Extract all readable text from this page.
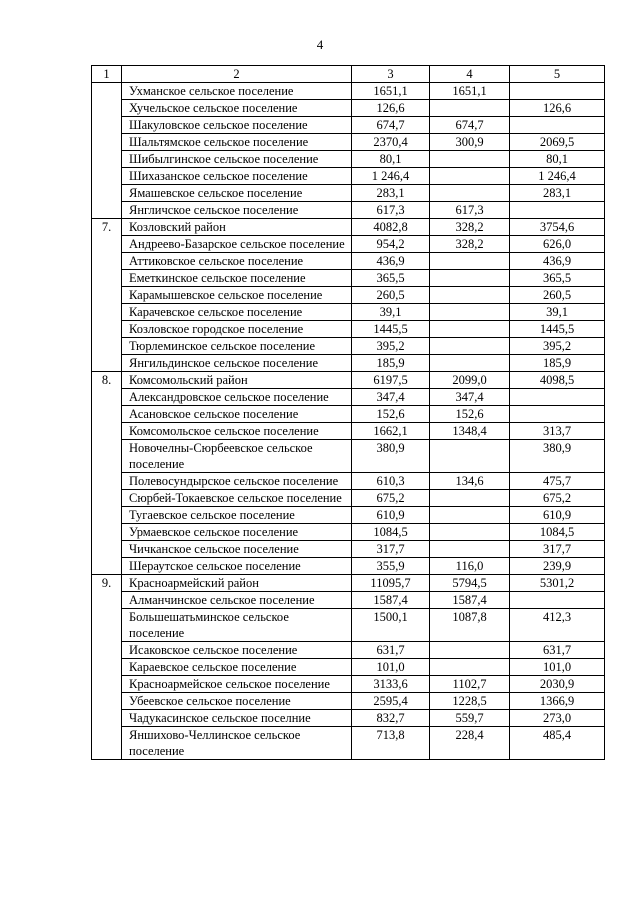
4
1	2	3	4	5
	Ухманское сельское поселение	1651,1	1651,1	
	Хучельское сельское поселение	126,6		126,6
	Шакуловское сельское поселение	674,7	674,7	
	Шальтямское сельское поселение	2370,4	300,9	2069,5
	Шибылгинское сельское поселение	80,1		80,1
	Шихазанское сельское поселение	1 246,4		1 246,4
	Ямашевское сельское поселение	283,1		283,1
	Янгличское сельское поселение	617,3	617,3	
7.	Козловский район	4082,8	328,2	3754,6
	Андреево-Базарское сельское поселение	954,2	328,2	626,0
	Аттиковское сельское поселение	436,9		436,9
	Еметкинское сельское поселение	365,5		365,5
	Карамышевское сельское поселение	260,5		260,5
	Карачевское сельское поселение	39,1		39,1
	Козловское городское поселение	1445,5		1445,5
	Тюрлеминское сельское поселение	395,2		395,2
	Янгильдинское сельское поселение	185,9		185,9
8.	Комсомольский район	6197,5	2099,0	4098,5
	Александровское сельское поселение	347,4	347,4	
	Асановское сельское поселение	152,6	152,6	
	Комсомольское сельское поселение	1662,1	1348,4	313,7
	Новочелны-Сюрбеевское сельское поселение	380,9		380,9
	Полевосундырское сельское поселение	610,3	134,6	475,7
	Сюрбей-Токаевское сельское поселение	675,2		675,2
	Тугаевское сельское поселение	610,9		610,9
	Урмаевское сельское поселение	1084,5		1084,5
	Чичканское сельское поселение	317,7		317,7
	Шераутское сельское поселение	355,9	116,0	239,9
9.	Красноармейский район	11095,7	5794,5	5301,2
	Алманчинское сельское поселение	1587,4	1587,4	
	Большешатьминское сельское поселение	1500,1	1087,8	412,3
	Исаковское сельское поселение	631,7		631,7
	Караевское сельское поселение	101,0		101,0
	Красноармейское сельское поселение	3133,6	1102,7	2030,9
	Убеевское сельское поселение	2595,4	1228,5	1366,9
	Чадукасинское сельское поселние	832,7	559,7	273,0
	Яншихово-Челлинское сельское поселение	713,8	228,4	485,4
